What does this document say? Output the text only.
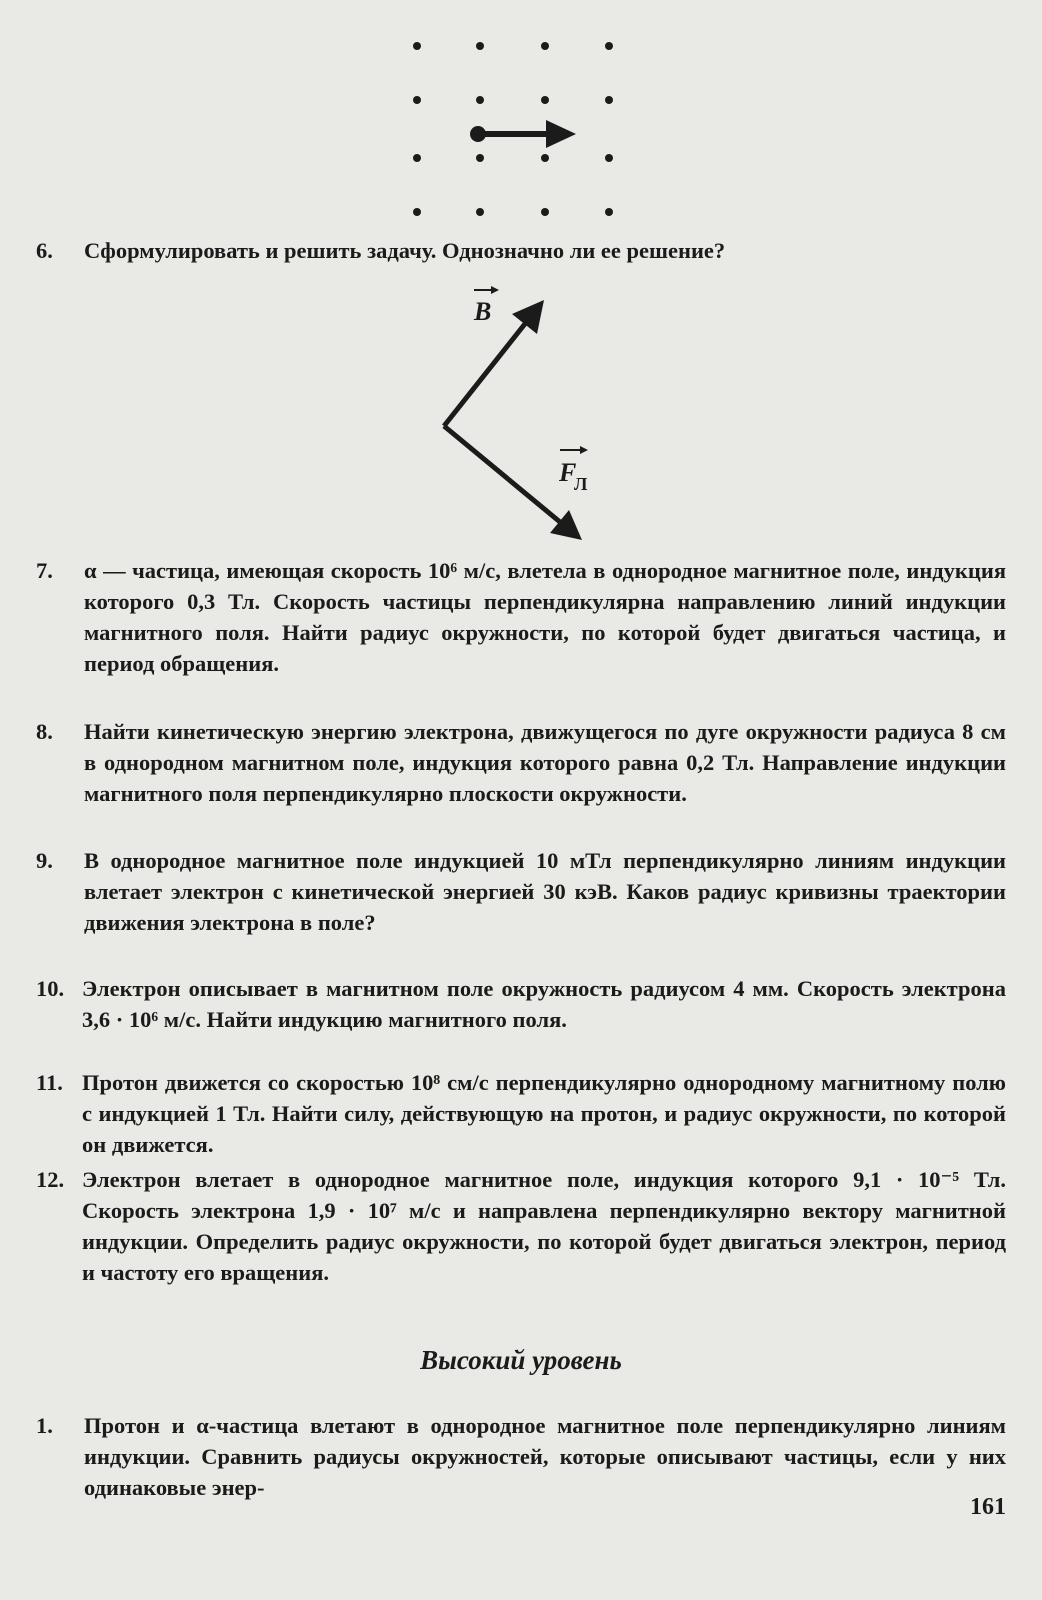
6.	Сформулировать и решить задачу. Однозначно ли ее решение?
B
F
Л
7.	α — частица, имеющая скорость 10⁶ м/с, влетела в однородное магнитное поле, индукция которого 0,3 Тл. Скорость частицы перпендикулярна направлению линий индукции магнитного поля. Найти радиус окружности, по которой будет двигаться частица, и период обращения.
8.	Найти кинетическую энергию электрона, движущегося по дуге окружности радиуса 8 см в однородном магнитном поле, индукция которого равна 0,2 Тл. Направление индукции магнитного поля перпендикулярно плоскости окружности.
9.	В однородное магнитное поле индукцией 10 мТл перпендикулярно линиям индукции влетает электрон с кинетической энергией 30 кэВ. Каков радиус кривизны траектории движения электрона в поле?
10. Электрон описывает в магнитном поле окружность радиусом 4 мм. Скорость электрона 3,6 · 10⁶ м/с. Найти индукцию магнитного поля.
11. Протон движется со скоростью 10⁸ см/с перпендикулярно однородному магнитному полю с индукцией 1 Тл. Найти силу, действующую на протон, и радиус окружности, по которой он движется.
12. Электрон влетает в однородное магнитное поле, индукция которого 9,1 · 10⁻⁵ Тл. Скорость электрона 1,9 · 10⁷ м/с и направлена перпендикулярно вектору магнитной индукции. Определить радиус окружности, по которой будет двигаться электрон, период и частоту его вращения.
Высокий уровень
1.	Протон и α-частица влетают в однородное магнитное поле перпендикулярно линиям индукции. Сравнить радиусы окружностей, которые описывают частицы, если у них одинаковые энер-
161
